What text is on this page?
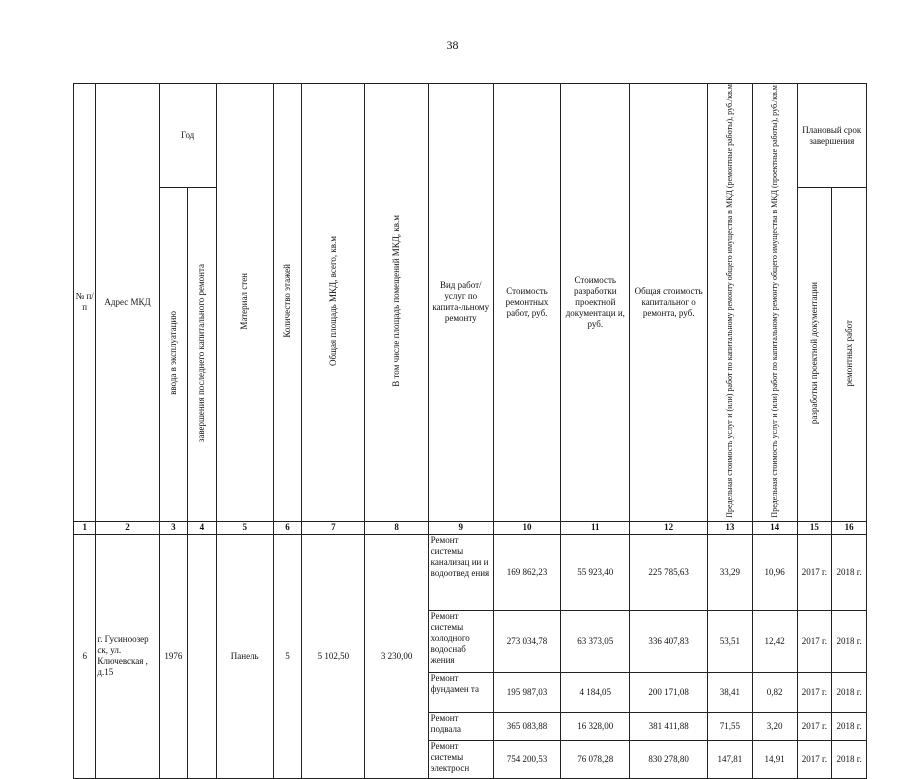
38
№ п/ п	Адрес МКД	Год		Материал стен	Количество этажей	Общая площадь МКД, всего, кв.м	В том числе площадь помещений МКД, кв.м	Вид работ/ услуг по капита-льному ремонту	Стоимость ремонтных работ, руб.	Стоимость разработки проектной документаци и, руб.	Общая стоимость капитальног о ремонта, руб.	Предельная стоимость услуг и (или) работ по капитальному ремонту общего имущества в МКД (ремонтные работы), руб./кв.м	Предельная стоимость услуг и (или) работ по капитальному ремонту общего имущества в МКД (проектные работы), руб./кв.м	Плановый срок завершения	
		ввода в эксплуатацию	завершения последнего капитального ремонта											разработки проектной документации	ремонтных работ
1	2	3	4	5	6	7	8	9	10	11	12	13	14	15	16
6	г. Гусиноозер ск, ул. Ключевская , д.15	1976		Панель	5	5 102,50	3 230,00	Ремонт системы канализац ии и водоотвед ения	169 862,23	55 923,40	225 785,63	33,29	10,96	2017 г.	2018 г.
								Ремонт системы холодного водоснаб жения	273 034,78	63 373,05	336 407,83	53,51	12,42	2017 г.	2018 г.
								Ремонт фундамен та	195 987,03	4 184,05	200 171,08	38,41	0,82	2017 г.	2018 г.
								Ремонт подвала	365 083,88	16 328,00	381 411,88	71,55	3,20	2017 г.	2018 г.
								Ремонт системы электросн	754 200,53	76 078,28	830 278,80	147,81	14,91	2017 г.	2018 г.
